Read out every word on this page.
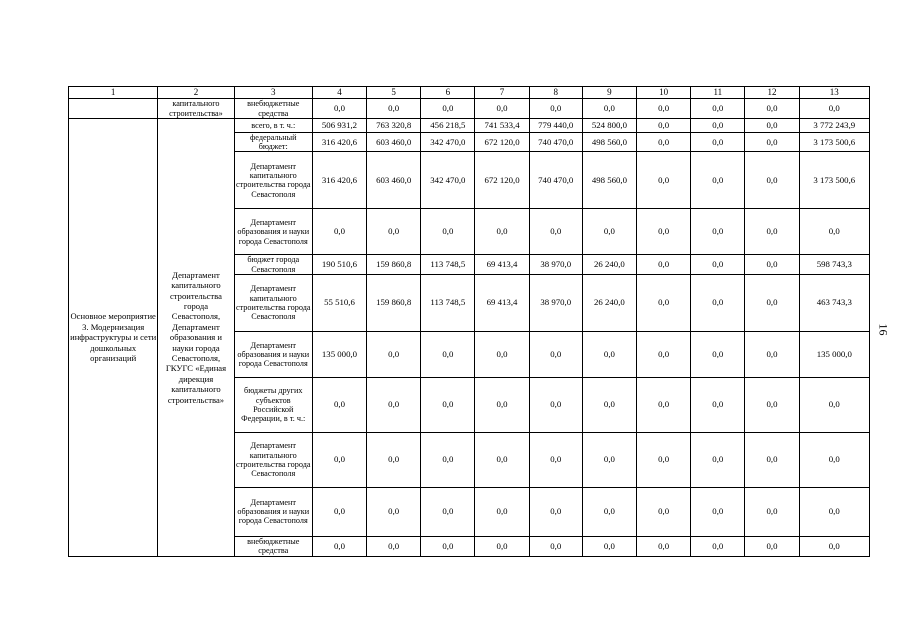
1	2	3	4	5	6	7	8	9	10	11	12	13
	капитального строительства»	внебюджетные средства	0,0	0,0	0,0	0,0	0,0	0,0	0,0	0,0	0,0	0,0
Основное мероприятие 3. Модернизация инфраструктуры и сети дошкольных организаций	Департамент капитального строительства города Севастополя, Департамент образования и науки города Севастополя, ГКУГС «Единая дирекция капитального строительства»	всего, в т. ч.:	506 931,2	763 320,8	456 218,5	741 533,4	779 440,0	524 800,0	0,0	0,0	0,0	3 772 243,9
		федеральный бюджет:	316 420,6	603 460,0	342 470,0	672 120,0	740 470,0	498 560,0	0,0	0,0	0,0	3 173 500,6
		Департамент капитального строительства города Севастополя	316 420,6	603 460,0	342 470,0	672 120,0	740 470,0	498 560,0	0,0	0,0	0,0	3 173 500,6
		Департамент образования и науки города Севастополя	0,0	0,0	0,0	0,0	0,0	0,0	0,0	0,0	0,0	0,0
		бюджет города Севастополя	190 510,6	159 860,8	113 748,5	69 413,4	38 970,0	26 240,0	0,0	0,0	0,0	598 743,3
		Департамент капитального строительства города Севастополя	55 510,6	159 860,8	113 748,5	69 413,4	38 970,0	26 240,0	0,0	0,0	0,0	463 743,3
		Департамент образования и науки города Севастополя	135 000,0	0,0	0,0	0,0	0,0	0,0	0,0	0,0	0,0	135 000,0
		бюджеты других субъектов Российской Федерации, в т. ч.:	0,0	0,0	0,0	0,0	0,0	0,0	0,0	0,0	0,0	0,0
		Департамент капитального строительства города Севастополя	0,0	0,0	0,0	0,0	0,0	0,0	0,0	0,0	0,0	0,0
		Департамент образования и науки города Севастополя	0,0	0,0	0,0	0,0	0,0	0,0	0,0	0,0	0,0	0,0
		внебюджетные средства	0,0	0,0	0,0	0,0	0,0	0,0	0,0	0,0	0,0	0,0
16
